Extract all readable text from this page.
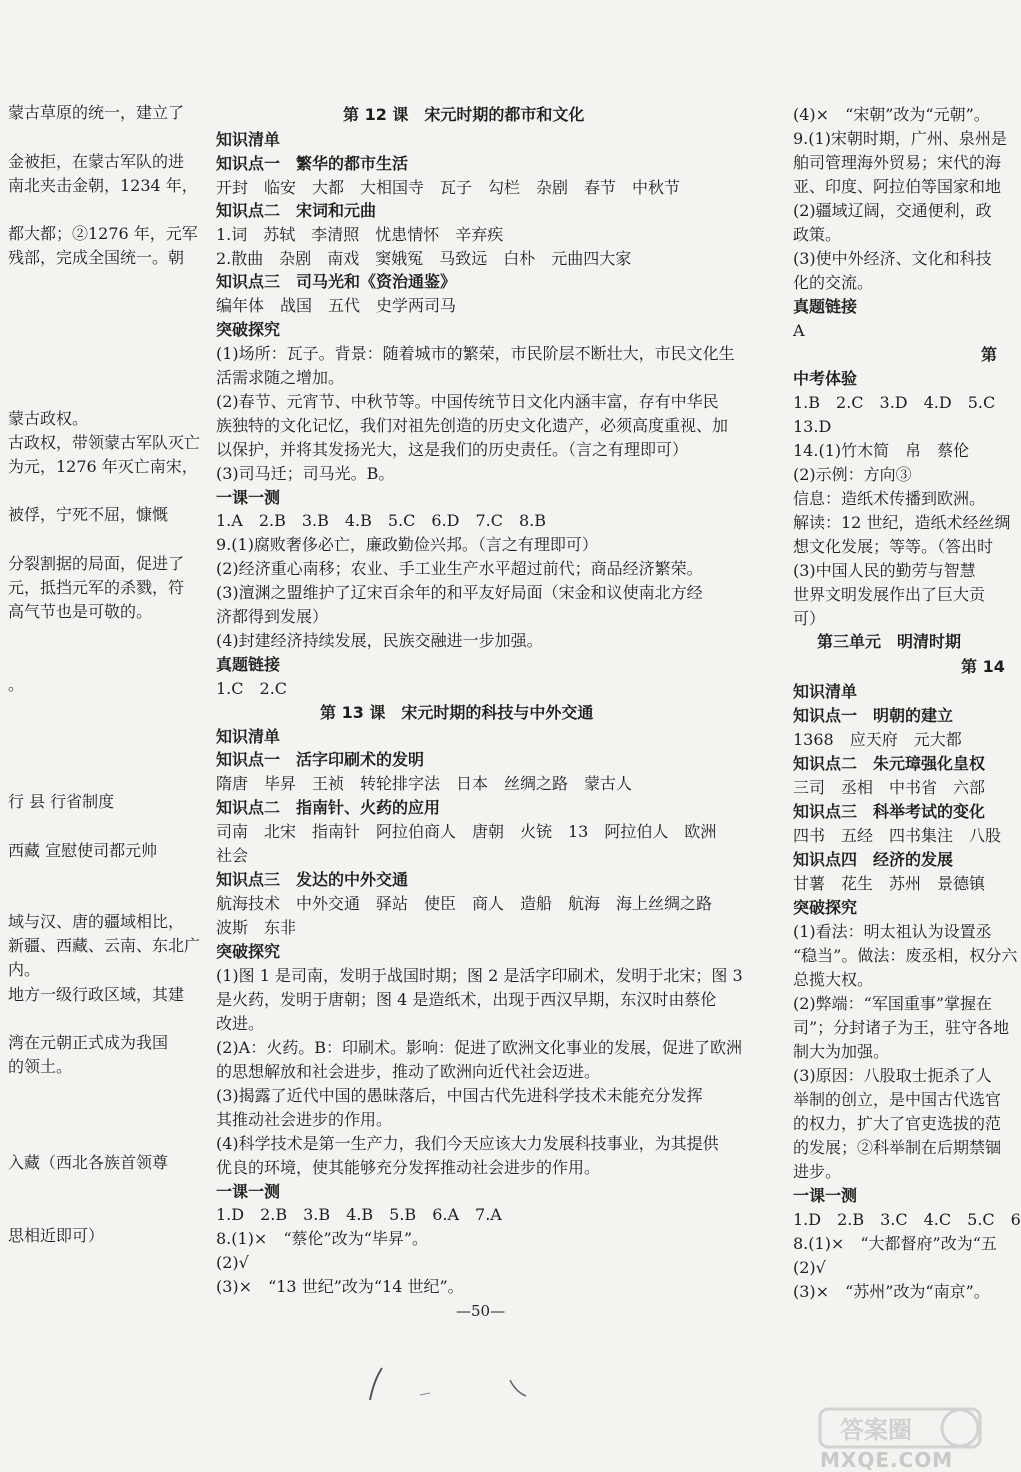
蒙古草原的统一，建立了
金被拒，在蒙古军队的进
南北夹击金朝，1234 年，
都大都；②1276 年，元军
残部，完成全国统一。朝
蒙古政权。
古政权，带领蒙古军队灭亡
为元，1276 年灭亡南宋，
被俘，宁死不屈，慷慨
分裂割据的局面，促进了
元，抵挡元军的杀戮，符
高气节也是可敬的。
。
行 县 行省制度
西藏 宣慰使司都元帅
域与汉、唐的疆域相比，
新疆、西藏、云南、东北广
内。
地方一级行政区域，其建
湾在元朝正式成为我国
的领土。
入藏（西北各族首领尊
思相近即可）
第 12 课　宋元时期的都市和文化
知识清单
知识点一　繁华的都市生活
开封　临安　大都　大相国寺　瓦子　勾栏　杂剧　春节　中秋节
知识点二　宋词和元曲
1.词　苏轼　李清照　忧患情怀　辛弃疾
2.散曲　杂剧　南戏　窦娥冤　马致远　白朴　元曲四大家
知识点三　司马光和《资治通鉴》
编年体　战国　五代　史学两司马
突破探究
(1)场所：瓦子。背景：随着城市的繁荣，市民阶层不断壮大，市民文化生
活需求随之增加。
(2)春节、元宵节、中秋节等。中国传统节日文化内涵丰富，存有中华民
族独特的文化记忆，我们对祖先创造的历史文化遗产，必须高度重视、加
以保护，并将其发扬光大，这是我们的历史责任。（言之有理即可）
(3)司马迁；司马光。B。
一课一测
1.A　2.B　3.B　4.B　5.C　6.D　7.C　8.B
9.(1)腐败奢侈必亡，廉政勤俭兴邦。（言之有理即可）
(2)经济重心南移；农业、手工业生产水平超过前代；商品经济繁荣。
(3)澶渊之盟维护了辽宋百余年的和平友好局面（宋金和议使南北方经
济都得到发展）
(4)封建经济持续发展，民族交融进一步加强。
真题链接
1.C　2.C
第 13 课　宋元时期的科技与中外交通
知识清单
知识点一　活字印刷术的发明
隋唐　毕昇　王祯　转轮排字法　日本　丝绸之路　蒙古人
知识点二　指南针、火药的应用
司南　北宋　指南针　阿拉伯商人　唐朝　火铳　13　阿拉伯人　欧洲
社会
知识点三　发达的中外交通
航海技术　中外交通　驿站　使臣　商人　造船　航海　海上丝绸之路
波斯　东非
突破探究
(1)图 1 是司南，发明于战国时期；图 2 是活字印刷术，发明于北宋；图 3
是火药，发明于唐朝；图 4 是造纸术，出现于西汉早期，东汉时由蔡伦
改进。
(2)A：火药。B：印刷术。影响：促进了欧洲文化事业的发展，促进了欧洲
的思想解放和社会进步，推动了欧洲向近代社会迈进。
(3)揭露了近代中国的愚昧落后，中国古代先进科学技术未能充分发挥
其推动社会进步的作用。
(4)科学技术是第一生产力，我们今天应该大力发展科技事业，为其提供
优良的环境，使其能够充分发挥推动社会进步的作用。
一课一测
1.D　2.B　3.B　4.B　5.B　6.A　7.A
8.(1)×　“蔡伦”改为“毕昇”。
(2)√
(3)×　“13 世纪”改为“14 世纪”。
(4)×　“宋朝”改为“元朝”。
9.(1)宋朝时期，广州、泉州是
舶司管理海外贸易；宋代的海
亚、印度、阿拉伯等国家和地
(2)疆域辽阔，交通便利，政
政策。
(3)使中外经济、文化和科技
化的交流。
真题链接
A
第
中考体验
1.B　2.C　3.D　4.D　5.C
13.D
14.(1)竹木简　帛　蔡伦
(2)示例：方向③
信息：造纸术传播到欧洲。
解读：12 世纪，造纸术经丝绸
想文化发展；等等。（答出时
(3)中国人民的勤劳与智慧
世界文明发展作出了巨大贡
可）
第三单元　明清时期
第 14
知识清单
知识点一　明朝的建立
1368　应天府　元大都
知识点二　朱元璋强化皇权
三司　丞相　中书省　六部
知识点三　科举考试的变化
四书　五经　四书集注　八股
知识点四　经济的发展
甘薯　花生　苏州　景德镇
突破探究
(1)看法：明太祖认为设置丞
“稳当”。做法：废丞相，权分六
总揽大权。
(2)弊端：“军国重事”掌握在
司”；分封诸子为王，驻守各地
制大为加强。
(3)原因：八股取士扼杀了人
举制的创立，是中国古代选官
的权力，扩大了官吏选拔的范
的发展；②科举制在后期禁锢
进步。
一课一测
1.D　2.B　3.C　4.C　5.C　6
8.(1)×　“大都督府”改为“五
(2)√
(3)×　“苏州”改为“南京”。
—50—
答案圈
MXQE.COM
